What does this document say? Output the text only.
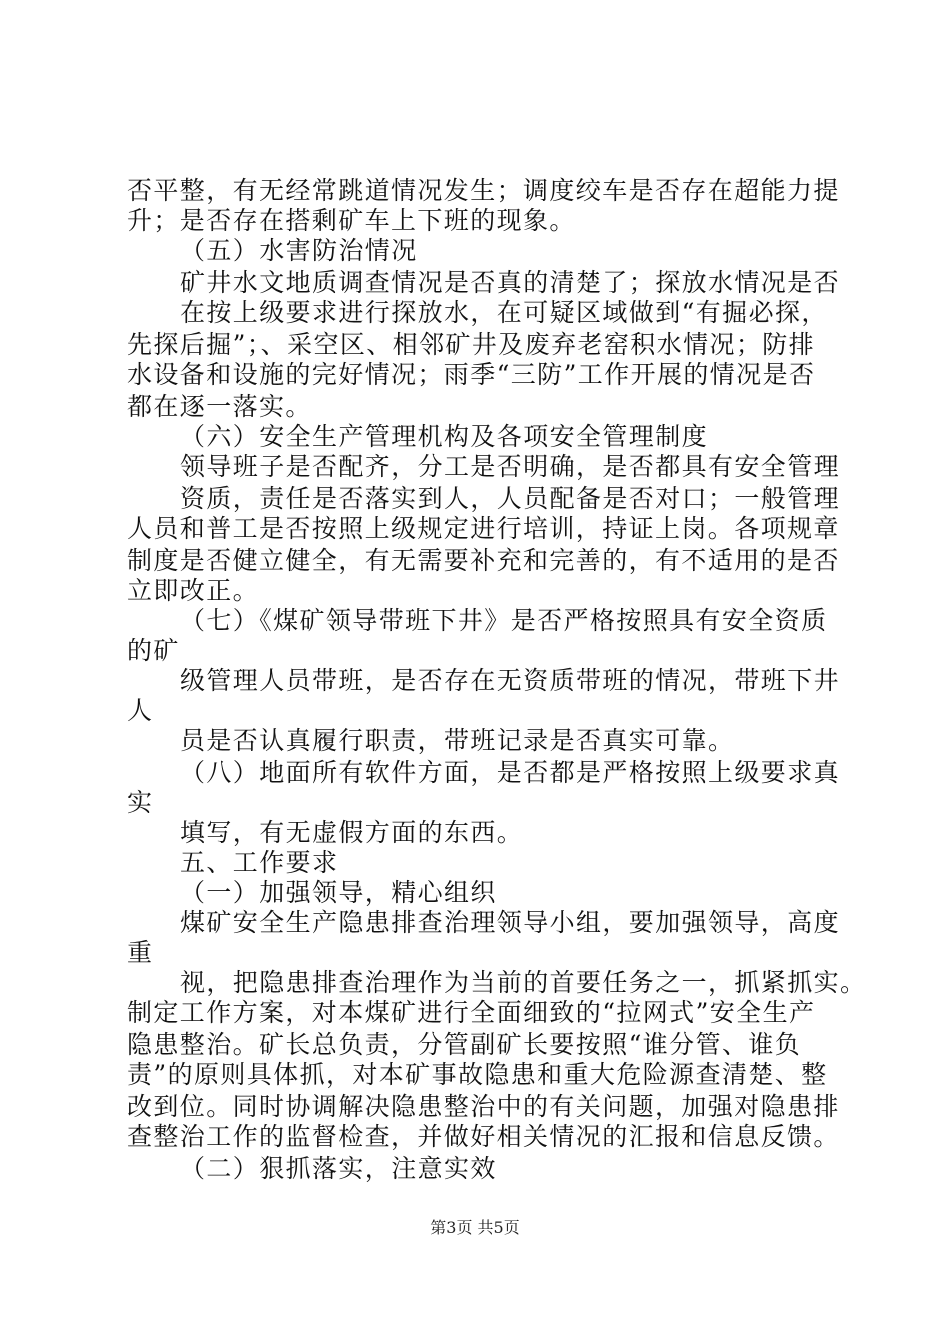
否平整，有无经常跳道情况发生；调度绞车是否存在超能力提
升；是否存在搭剩矿车上下班的现象。
（五）水害防治情况
矿井水文地质调查情况是否真的清楚了；探放水情况是否
在按上级要求进行探放水，在可疑区域做到“有掘必探，
先探后掘”；、采空区、相邻矿井及废弃老窑积水情况；防排
水设备和设施的完好情况；雨季“三防”工作开展的情况是否
都在逐一落实。
（六）安全生产管理机构及各项安全管理制度
领导班子是否配齐，分工是否明确，是否都具有安全管理
资质，责任是否落实到人，人员配备是否对口；一般管理
人员和普工是否按照上级规定进行培训，持证上岗。各项规章
制度是否健立健全，有无需要补充和完善的，有不适用的是否
立即改正。
（七）《煤矿领导带班下井》是否严格按照具有安全资质
的矿
级管理人员带班，是否存在无资质带班的情况，带班下井
人
员是否认真履行职责，带班记录是否真实可靠。
（八）地面所有软件方面，是否都是严格按照上级要求真
实
填写，有无虚假方面的东西。
五、工作要求
（一）加强领导，精心组织
煤矿安全生产隐患排查治理领导小组，要加强领导，高度
重
视，把隐患排查治理作为当前的首要任务之一，抓紧抓实。
制定工作方案，对本煤矿进行全面细致的“拉网式”安全生产
隐患整治。矿长总负责，分管副矿长要按照“谁分管、谁负
责”的原则具体抓，对本矿事故隐患和重大危险源查清楚、整
改到位。同时协调解决隐患整治中的有关问题，加强对隐患排
查整治工作的监督检查，并做好相关情况的汇报和信息反馈。
（二）狠抓落实，注意实效
第3页 共5页
